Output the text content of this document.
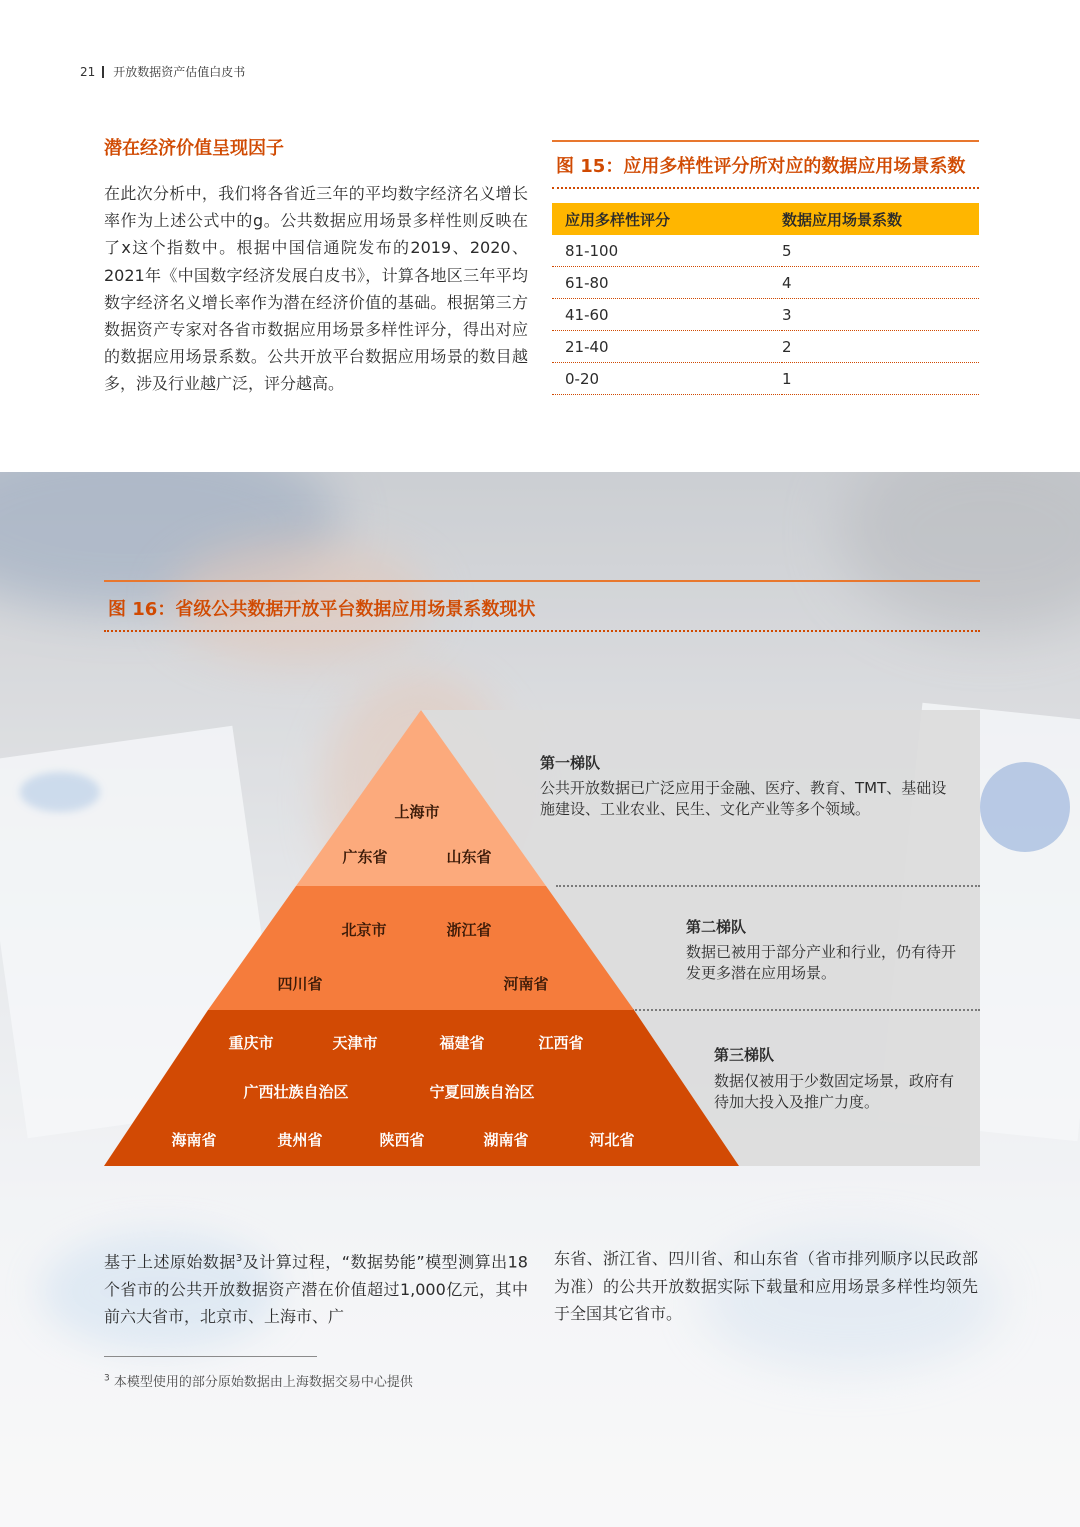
21 开放数据资产估值白皮书
潜在经济价值呈现因子

在此次分析中，我们将各省近三年的平均数字经济名义增长率作为上述公式中的g。公共数据应用场景多样性则反映在了x这个指数中。根据中国信通院发布的2019、2020、2021年《中国数字经济发展白皮书》，计算各地区三年平均数字经济名义增长率作为潜在经济价值的基础。根据第三方数据资产专家对各省市数据应用场景多样性评分，得出对应的数据应用场景系数。公共开放平台数据应用场景的数目越多，涉及行业越广泛，评分越高。

图 15：应用多样性评分所对应的数据应用场景系数
应用多样性评分	数据应用场景系数
81-100	5
61-80	4
41-60	3
21-40	2
0-20	1
图 16：省级公共数据开放平台数据应用场景系数现状
第一梯队

公共开放数据已广泛应用于金融、医疗、教育、TMT、基础设施建设、工业农业、民生、文化产业等多个领域。

第二梯队

数据已被用于部分产业和行业，仍有待开发更多潜在应用场景。

第三梯队

数据仅被用于少数固定场景，政府有待加大投入及推广力度。

上海市
广东省	山东省
北京市	浙江省
四川省	河南省
重庆市	天津市	福建省	江西省
广西壮族自治区	宁夏回族自治区
海南省	贵州省	陕西省	湖南省	河北省

基于上述原始数据$^3$及计算过程，“数据势能”模型测算出18个省市的公共开放数据资产潜在价值超过1,000亿元，其中前六大省市，北京市、上海市、广

东省、浙江省、四川省、和山东省（省市排列顺序以民政部为准）的公共开放数据实际下载量和应用场景多样性均领先于全国其它省市。

$^3$ 本模型使用的部分原始数据由上海数据交易中心提供
